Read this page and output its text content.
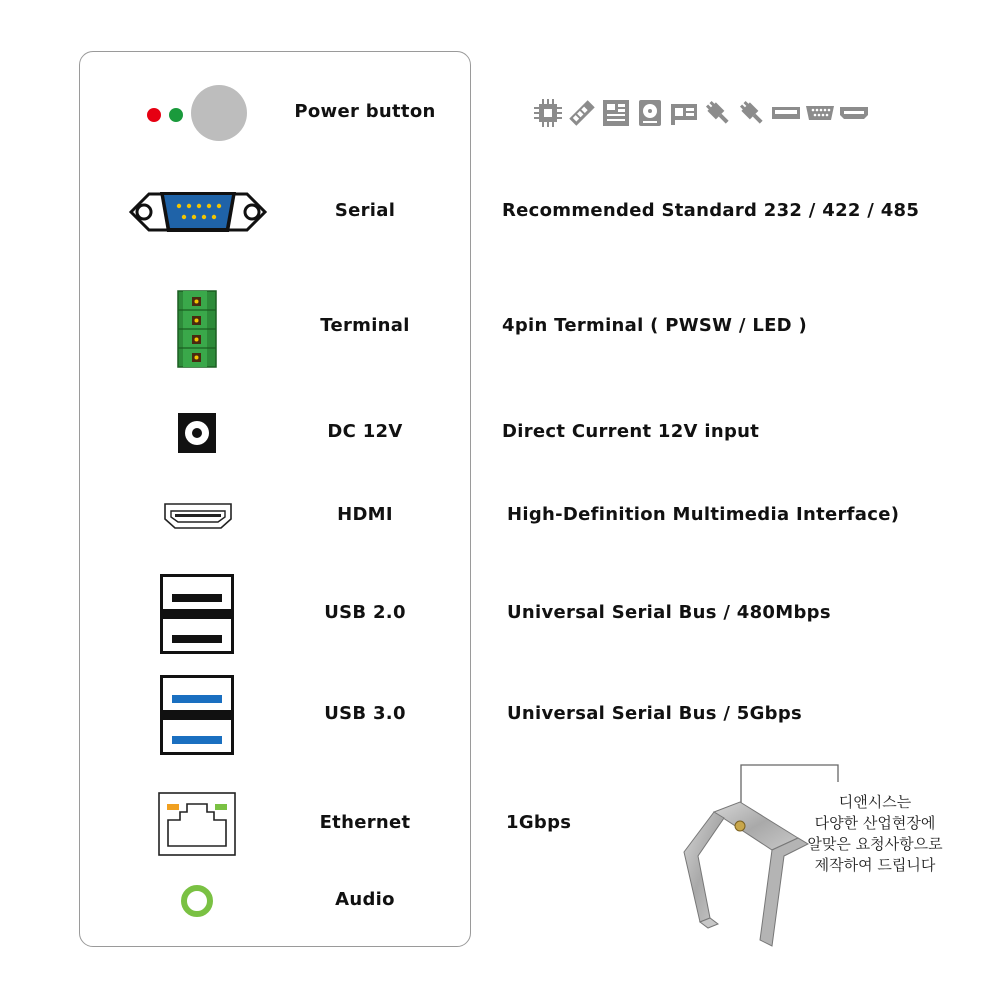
Power button
Serial	Recommended Standard 232 / 422 / 485
Terminal	4pin Terminal ( PWSW / LED )
DC 12V	Direct Current 12V input
HDMI	High-Definition Multimedia Interface)
USB 2.0	Universal Serial Bus / 480Mbps
USB 3.0	Universal Serial Bus / 5Gbps
Ethernet	1Gbps
Audio
디앤시스는
다양한 산업현장에
알맞은 요청사항으로
제작하여 드립니다
